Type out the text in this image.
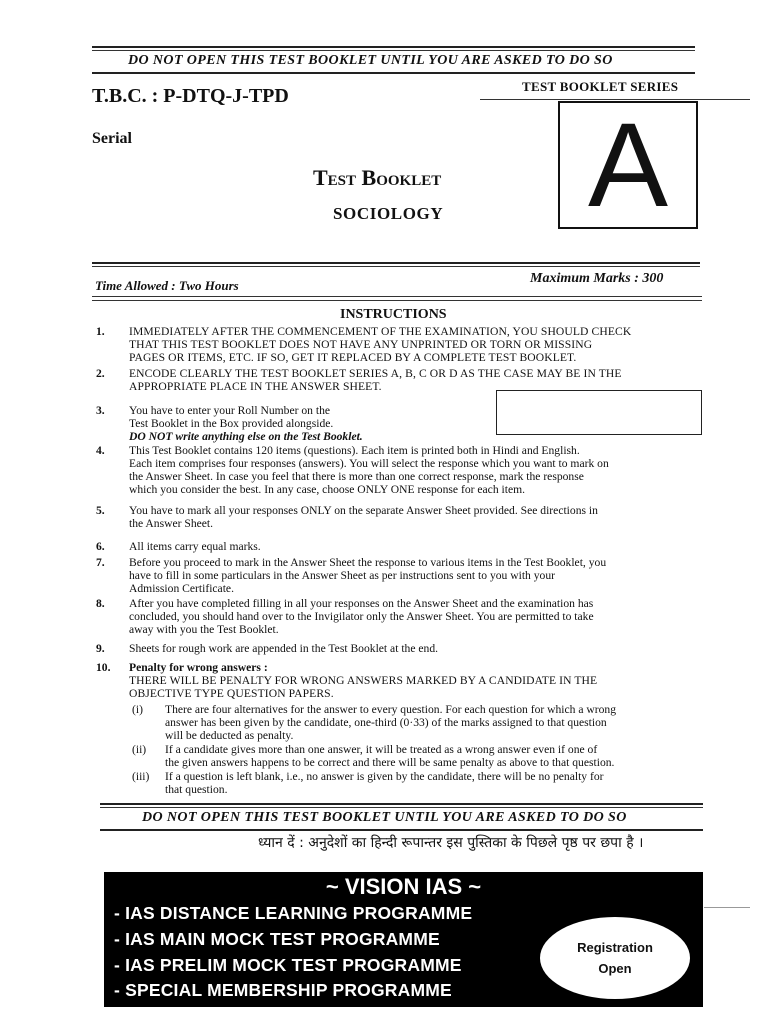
DO NOT OPEN THIS TEST BOOKLET UNTIL YOU ARE ASKED TO DO SO
T.B.C. : P-DTQ-J-TPD	TEST BOOKLET SERIES
Serial	A
Test Booklet
SOCIOLOGY
Time Allowed : Two Hours	Maximum Marks : 300
INSTRUCTIONS
1.	IMMEDIATELY AFTER THE COMMENCEMENT OF THE EXAMINATION, YOU SHOULD CHECK
THAT THIS TEST BOOKLET DOES NOT HAVE ANY UNPRINTED OR TORN OR MISSING
PAGES OR ITEMS, ETC. IF SO, GET IT REPLACED BY A COMPLETE TEST BOOKLET.
2.	ENCODE CLEARLY THE TEST BOOKLET SERIES A, B, C OR D AS THE CASE MAY BE IN THE
APPROPRIATE PLACE IN THE ANSWER SHEET.
3.	You have to enter your Roll Number on the
Test Booklet in the Box provided alongside.
DO NOT write anything else on the Test Booklet.
4.	This Test Booklet contains 120 items (questions). Each item is printed both in Hindi and English.
Each item comprises four responses (answers). You will select the response which you want to mark on
the Answer Sheet. In case you feel that there is more than one correct response, mark the response
which you consider the best. In any case, choose ONLY ONE response for each item.
5.	You have to mark all your responses ONLY on the separate Answer Sheet provided. See directions in
the Answer Sheet.
6.	All items carry equal marks.
7.	Before you proceed to mark in the Answer Sheet the response to various items in the Test Booklet, you
have to fill in some particulars in the Answer Sheet as per instructions sent to you with your
Admission Certificate.
8.	After you have completed filling in all your responses on the Answer Sheet and the examination has
concluded, you should hand over to the Invigilator only the Answer Sheet. You are permitted to take
away with you the Test Booklet.
9.	Sheets for rough work are appended in the Test Booklet at the end.
10.	Penalty for wrong answers :
THERE WILL BE PENALTY FOR WRONG ANSWERS MARKED BY A CANDIDATE IN THE
OBJECTIVE TYPE QUESTION PAPERS.
(i) There are four alternatives for the answer to every question. For each question for which a wrong
answer has been given by the candidate, one-third (0·33) of the marks assigned to that question
will be deducted as penalty.
(ii) If a candidate gives more than one answer, it will be treated as a wrong answer even if one of
the given answers happens to be correct and there will be same penalty as above to that question.
(iii) If a question is left blank, i.e., no answer is given by the candidate, there will be no penalty for
that question.
DO NOT OPEN THIS TEST BOOKLET UNTIL YOU ARE ASKED TO DO SO
ध्यान दें : अनुदेशों का हिन्दी रूपान्तर इस पुस्तिका के पिछले पृष्ठ पर छपा है ।
~ VISION IAS ~
- IAS DISTANCE LEARNING PROGRAMME
- IAS MAIN MOCK TEST PROGRAMME
- IAS PRELIM MOCK TEST PROGRAMME
- SPECIAL MEMBERSHIP PROGRAMME
Registration
Open
